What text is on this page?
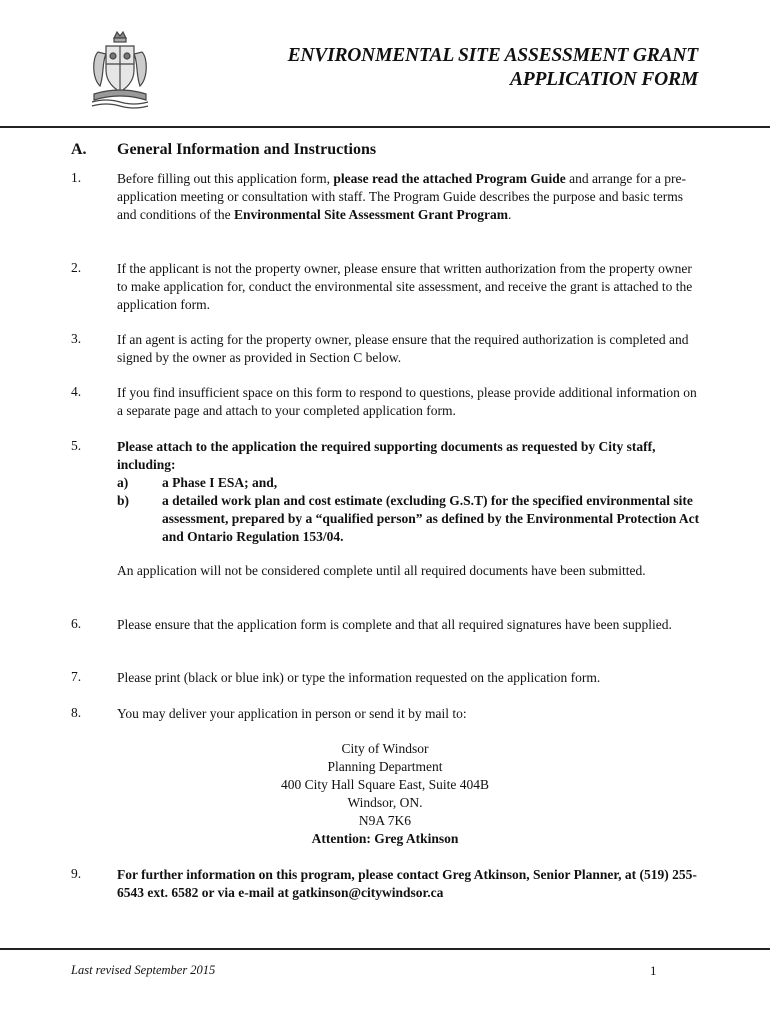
ENVIRONMENTAL SITE ASSESSMENT GRANT
APPLICATION FORM
A. General Information and Instructions
1.	Before filling out this application form, please read the attached Program Guide and arrange for a pre-application meeting or consultation with staff. The Program Guide describes the purpose and basic terms and conditions of the Environmental Site Assessment Grant Program.
2.	If the applicant is not the property owner, please ensure that written authorization from the property owner to make application for, conduct the environmental site assessment, and receive the grant is attached to the application form.
3.	If an agent is acting for the property owner, please ensure that the required authorization is completed and signed by the owner as provided in Section C below.
4.	If you find insufficient space on this form to respond to questions, please provide additional information on a separate page and attach to your completed application form.
5.	Please attach to the application the required supporting documents as requested by City staff, including:
a)	a Phase I ESA; and,
b)	a detailed work plan and cost estimate (excluding G.S.T) for the specified environmental site assessment, prepared by a “qualified person” as defined by the Environmental Protection Act and Ontario Regulation 153/04.
An application will not be considered complete until all required documents have been submitted.
6.	Please ensure that the application form is complete and that all required signatures have been supplied.
7.	Please print (black or blue ink) or type the information requested on the application form.
8.	You may deliver your application in person or send it by mail to:
City of Windsor
Planning Department
400 City Hall Square East, Suite 404B
Windsor, ON.
N9A 7K6
Attention: Greg Atkinson
9.	For further information on this program, please contact Greg Atkinson, Senior Planner, at (519) 255-6543 ext. 6582 or via e-mail at gatkinson@citywindsor.ca
Last revised September 2015	1
